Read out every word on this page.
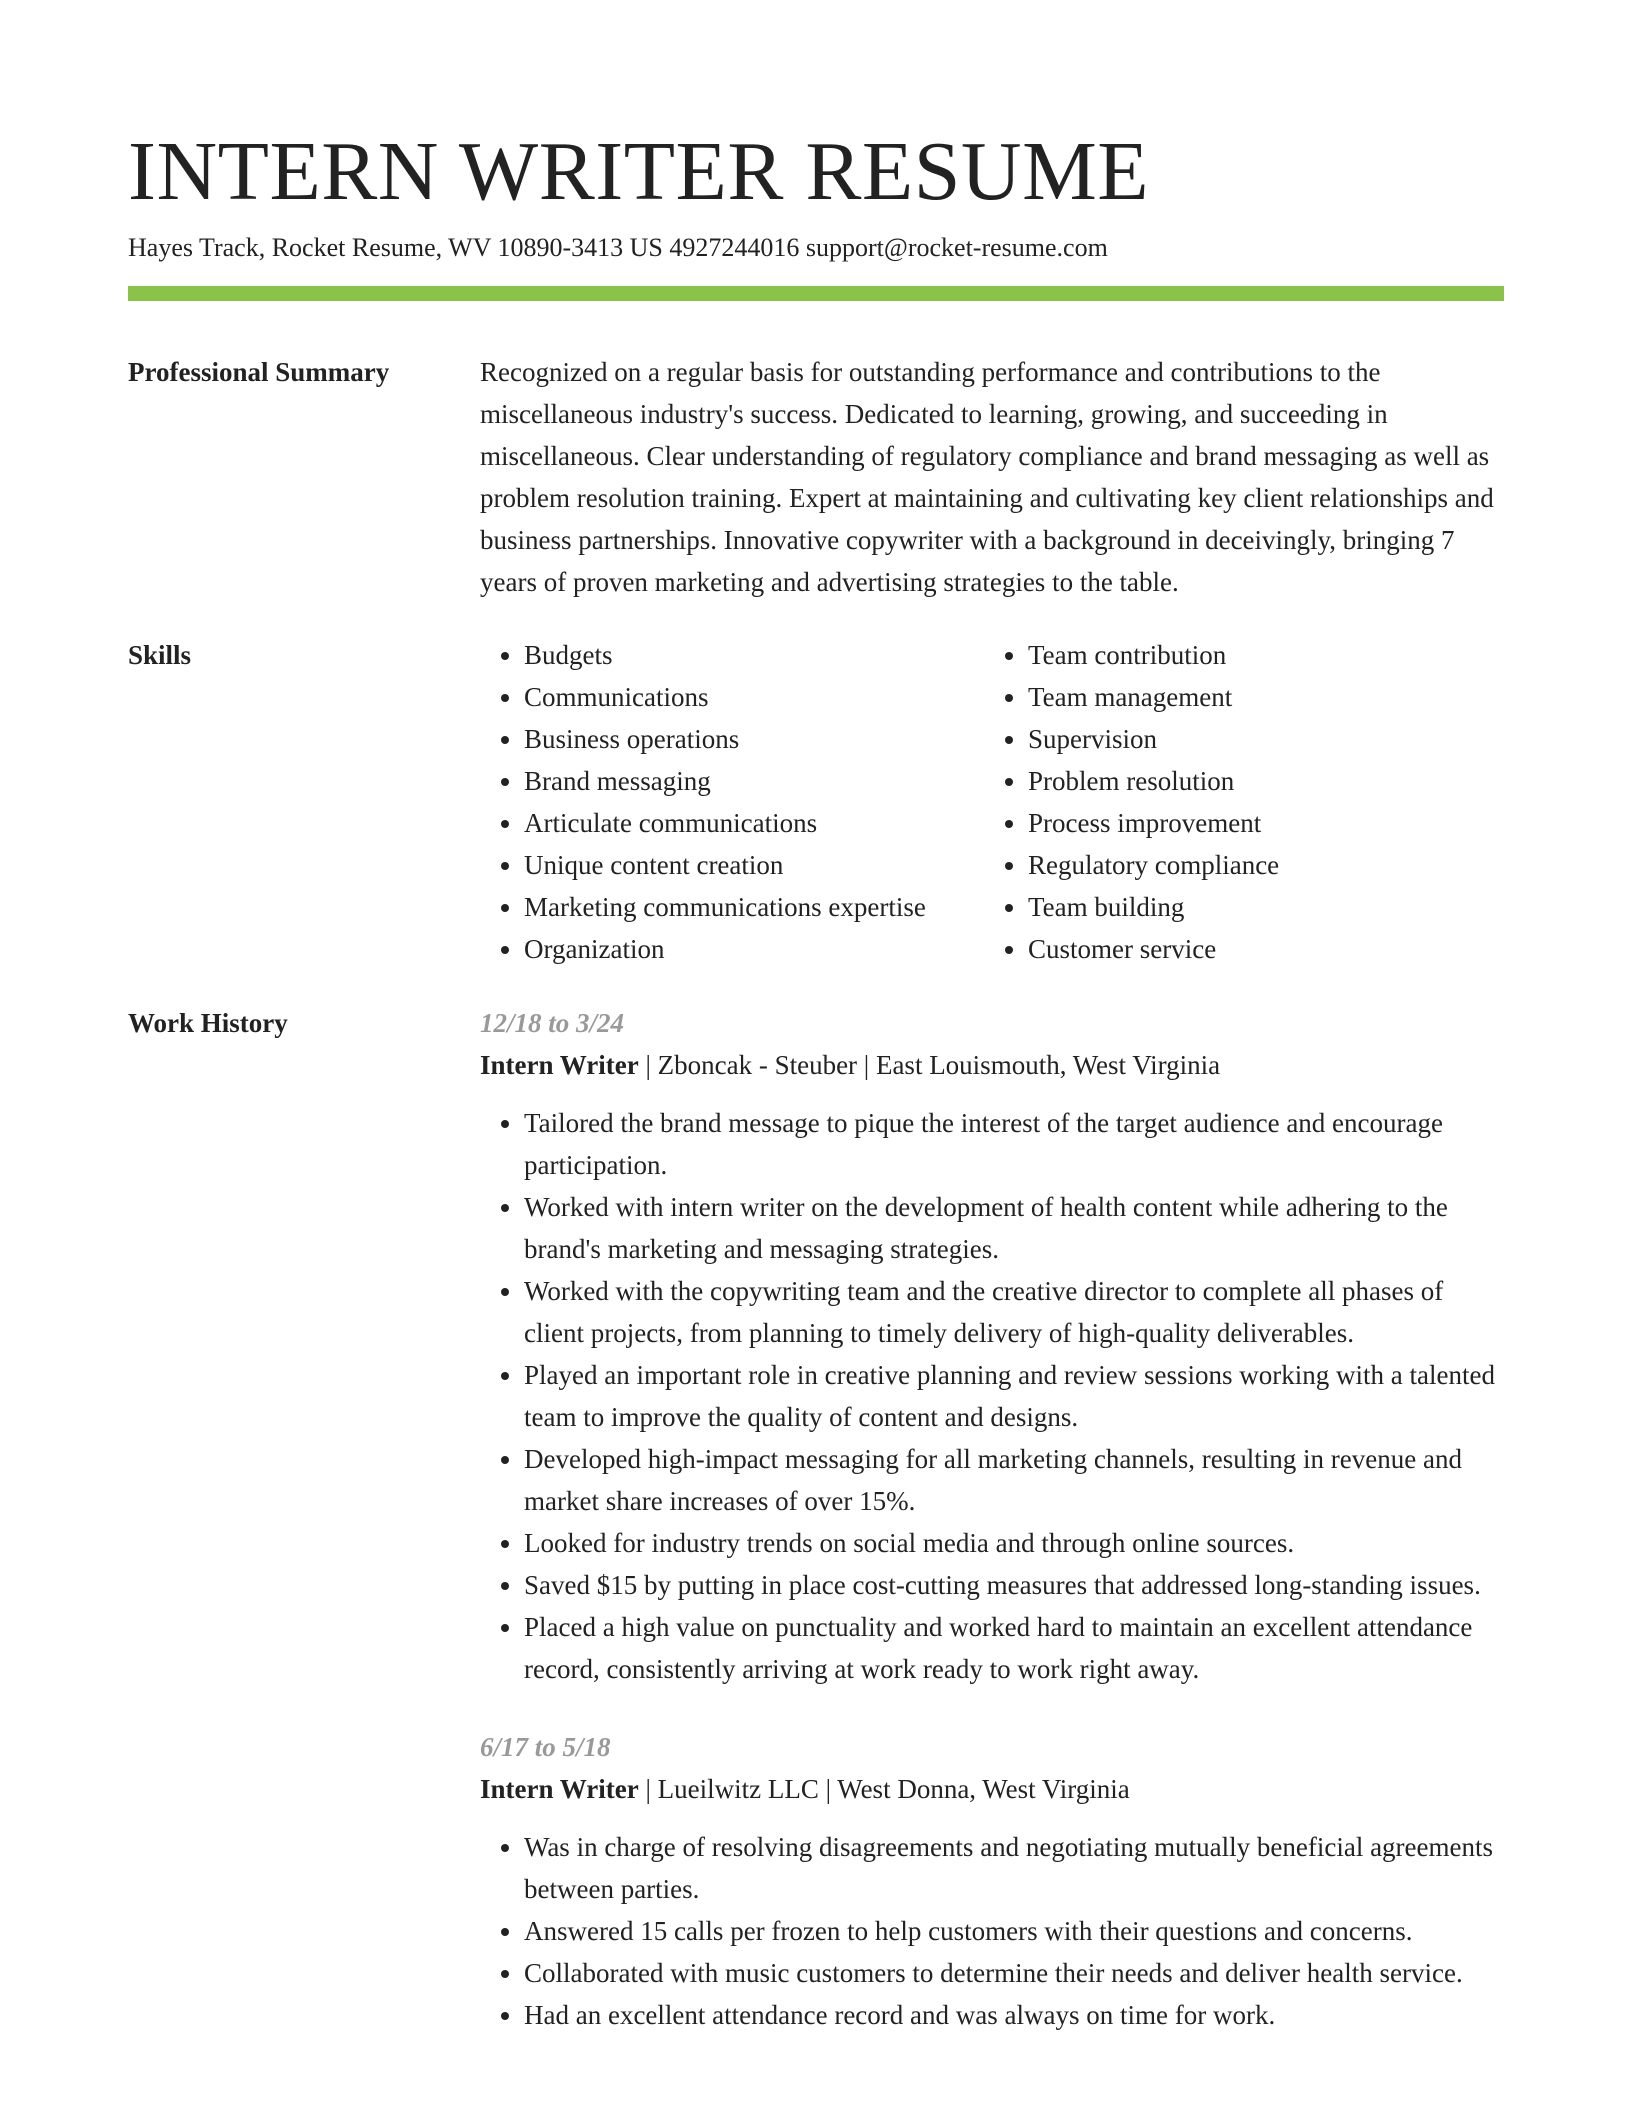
INTERN WRITER RESUME
Hayes Track, Rocket Resume, WV 10890-3413 US 4927244016 support@rocket-resume.com
Professional Summary	Recognized on a regular basis for outstanding performance and contributions to the miscellaneous industry's success. Dedicated to learning, growing, and succeeding in miscellaneous. Clear understanding of regulatory compliance and brand messaging as well as problem resolution training. Expert at maintaining and cultivating key client relationships and business partnerships. Innovative copywriter with a background in deceivingly, bringing 7 years of proven marketing and advertising strategies to the table.
Skills
•	Budgets
• Communications
• Business operations
• Brand messaging
• Articulate communications
• Unique content creation
• Marketing communications expertise
• Organization
• Team contribution
• Team management
• Supervision
• Problem resolution
• Process improvement
• Regulatory compliance
• Team building
• Customer service
Work History	12/18 to 3/24
Intern Writer | Zboncak - Steuber | East Louismouth, West Virginia
• Tailored the brand message to pique the interest of the target audience and encourage participation.
• Worked with intern writer on the development of health content while adhering to the brand's marketing and messaging strategies.
• Worked with the copywriting team and the creative director to complete all phases of client projects, from planning to timely delivery of high-quality deliverables.
• Played an important role in creative planning and review sessions working with a talented team to improve the quality of content and designs.
• Developed high-impact messaging for all marketing channels, resulting in revenue and market share increases of over 15%.
• Looked for industry trends on social media and through online sources.
• Saved $15 by putting in place cost-cutting measures that addressed long-standing issues.
• Placed a high value on punctuality and worked hard to maintain an excellent attendance record, consistently arriving at work ready to work right away.
6/17 to 5/18
Intern Writer | Lueilwitz LLC | West Donna, West Virginia
• Was in charge of resolving disagreements and negotiating mutually beneficial agreements between parties.
• Answered 15 calls per frozen to help customers with their questions and concerns.
• Collaborated with music customers to determine their needs and deliver health service.
• Had an excellent attendance record and was always on time for work.
